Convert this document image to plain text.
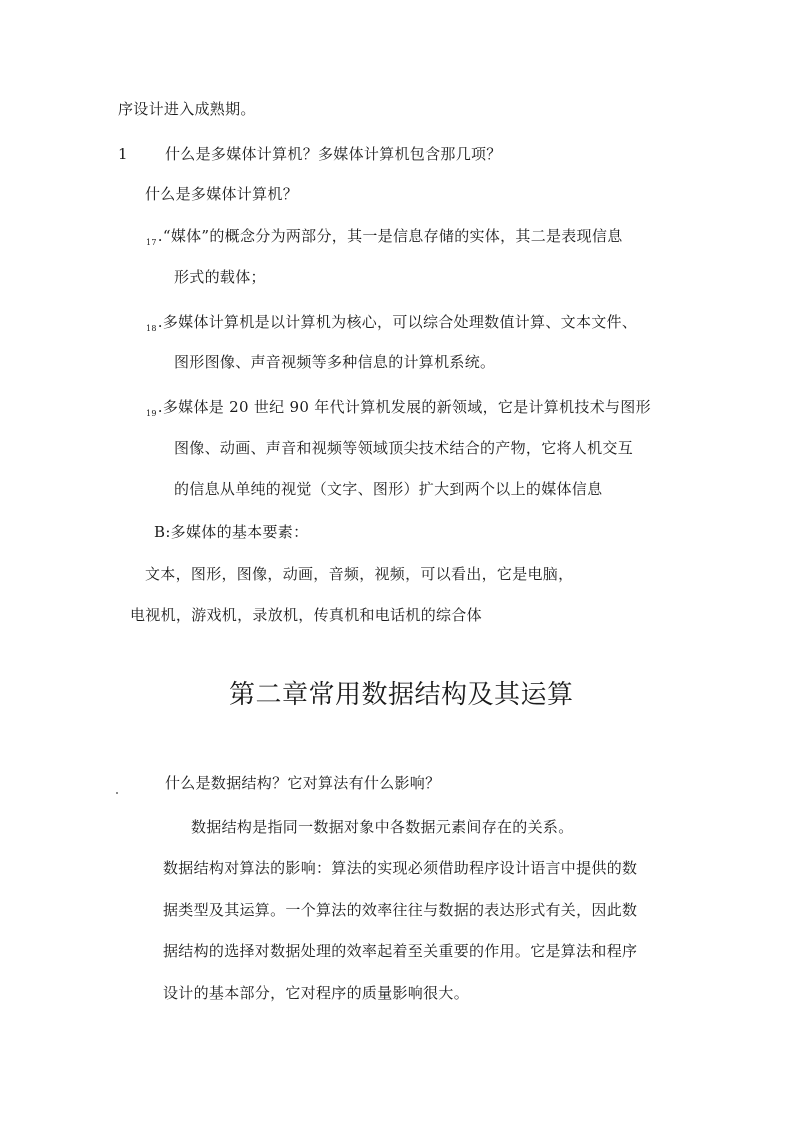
序设计进入成熟期。
1 什么是多媒体计算机？多媒体计算机包含那几项？
什么是多媒体计算机？
$_{17}$.“媒体”的概念分为两部分，其一是信息存储的实体，其二是表现信息
形式的载体；
$_{18}$.多媒体计算机是以计算机为核心，可以综合处理数值计算、文本文件、
图形图像、声音视频等多种信息的计算机系统。
$_{19}$.多媒体是 20 世纪 90 年代计算机发展的新领域，它是计算机技术与图形
图像、动画、声音和视频等领域顶尖技术结合的产物，它将人机交互
的信息从单纯的视觉（文字、图形）扩大到两个以上的媒体信息
B:多媒体的基本要素：
文本，图形，图像，动画，音频，视频，可以看出，它是电脑，
电视机，游戏机，录放机，传真机和电话机的综合体
第二章常用数据结构及其运算
什么是数据结构？它对算法有什么影响？
数据结构是指同一数据对象中各数据元素间存在的关系。
数据结构对算法的影响：算法的实现必须借助程序设计语言中提供的数
据类型及其运算。一个算法的效率往往与数据的表达形式有关，因此数
据结构的选择对数据处理的效率起着至关重要的作用。它是算法和程序
设计的基本部分，它对程序的质量影响很大。
